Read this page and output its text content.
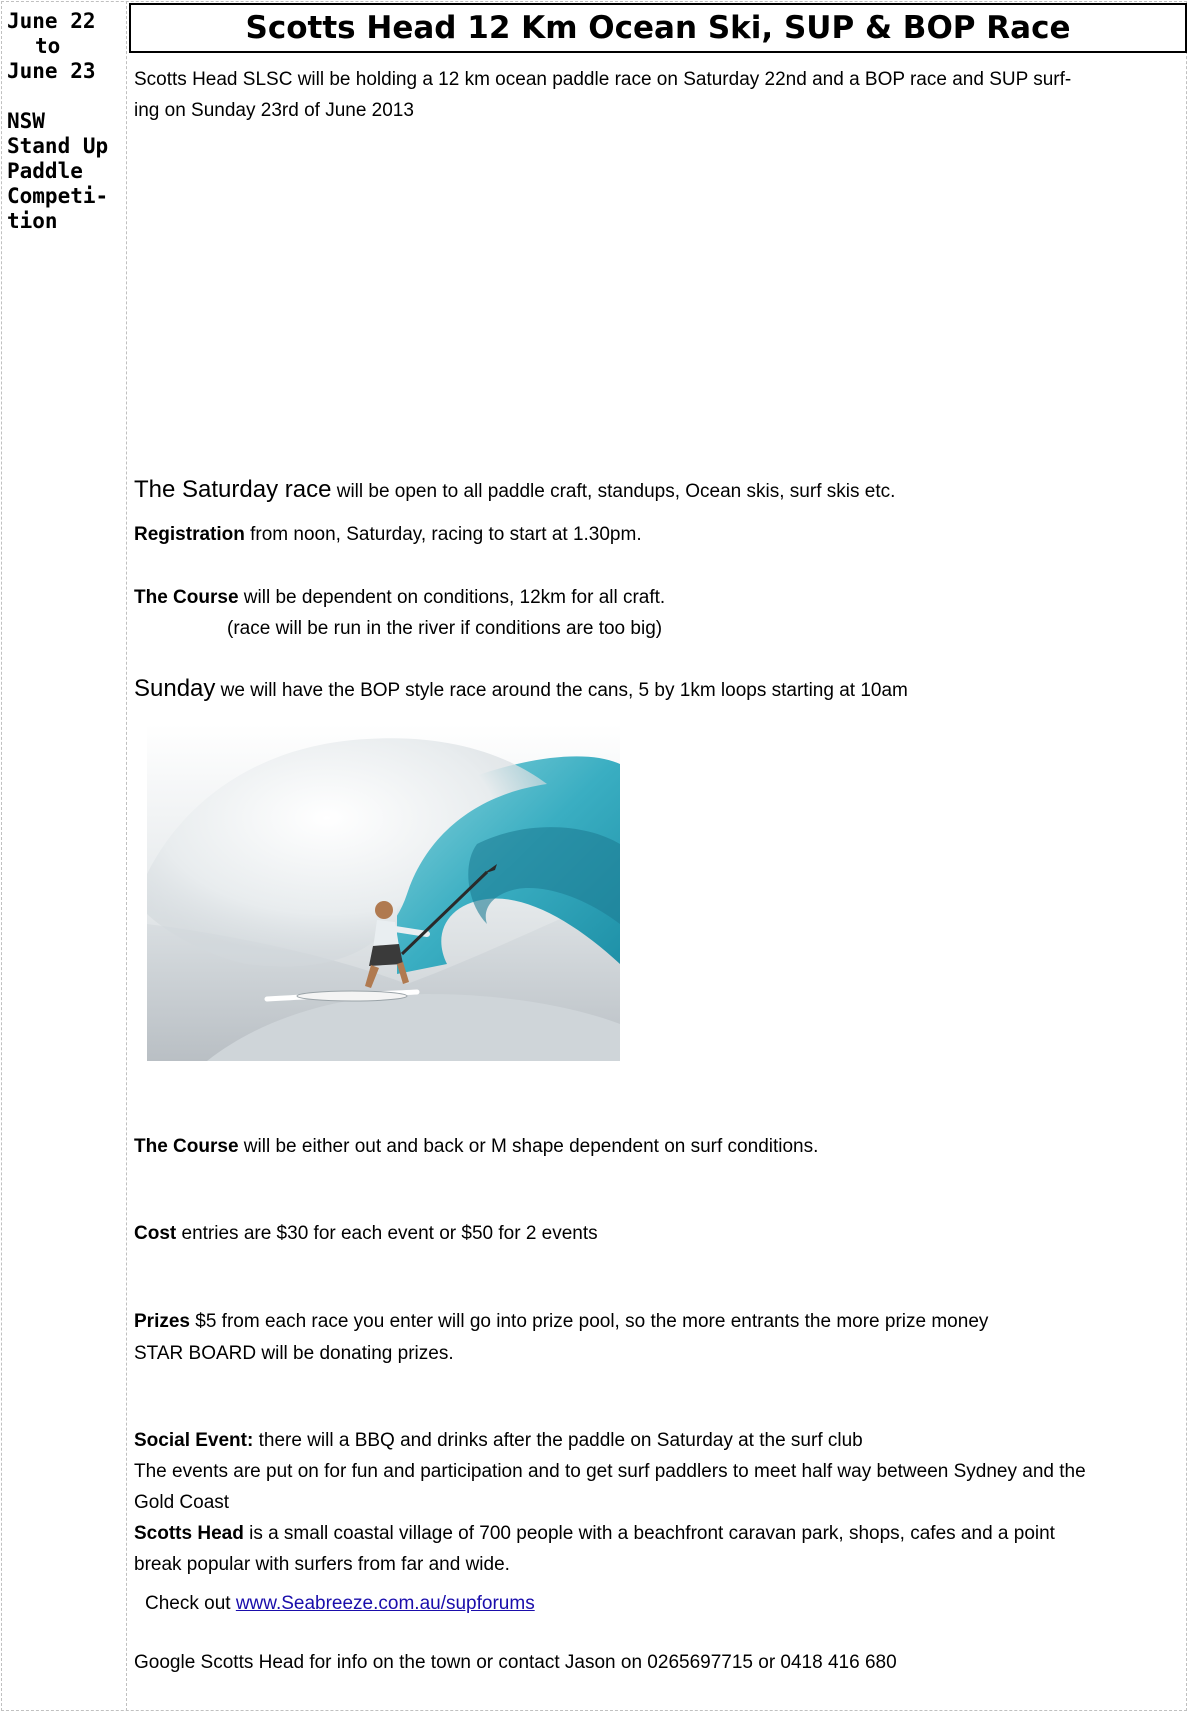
June 22
to
June 23
NSW
Stand Up
Paddle
Competi-
tion
Scotts Head 12 Km Ocean Ski, SUP & BOP Race

Scotts Head SLSC will be holding a 12 km ocean paddle race on Saturday 22nd and a BOP race and SUP surf-

ing on Sunday 23rd of June 2013

The Saturday race will be open to all paddle craft, standups, Ocean skis, surf skis etc.

Registration from noon, Saturday, racing to start at 1.30pm.

The Course will be dependent on conditions, 12km for all craft.

(race will be run in the river if conditions are too big)

Sunday we will have the BOP style race around the cans, 5 by 1km loops starting at 10am

The Course will be either out and back or M shape dependent on surf conditions.

Cost entries are $30 for each event or $50 for 2 events

Prizes $5 from each race you enter will go into prize pool, so the more entrants the more prize money

STAR BOARD will be donating prizes.

Social Event: there will a BBQ and drinks after the paddle on Saturday at the surf club

The events are put on for fun and participation and to get surf paddlers to meet half way between Sydney and the

Gold Coast

Scotts Head is a small coastal village of 700 people with a beachfront caravan park, shops, cafes and a point

break popular with surfers from far and wide.

Check out www.Seabreeze.com.au/supforums

Google Scotts Head for info on the town or contact Jason on 0265697715 or 0418 416 680
